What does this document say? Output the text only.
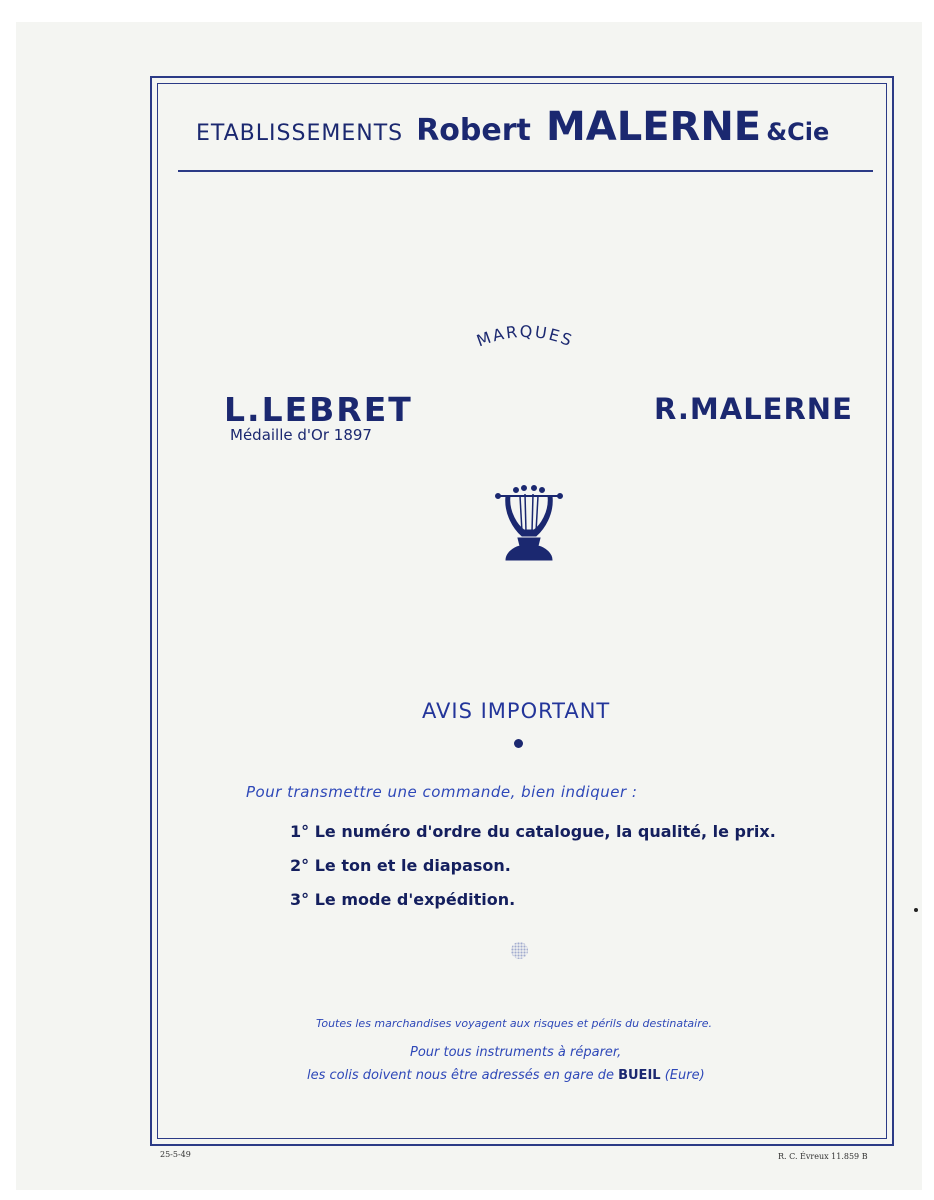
ETABLISSEMENTS Robert MALERNE &Cie
MARQUES
L.LEBRET
Médaille d'Or 1897
R.MALERNE
AVIS IMPORTANT
Pour transmettre une commande, bien indiquer :
1° Le numéro d'ordre du catalogue, la qualité, le prix.
2° Le ton et le diapason.
3° Le mode d'expédition.
Toutes les marchandises voyagent aux risques et périls du destinataire.
Pour tous instruments à réparer,
les colis doivent nous être adressés en gare de BUEIL (Eure)
25-5-49	R. C. Évreux 11.859 B
